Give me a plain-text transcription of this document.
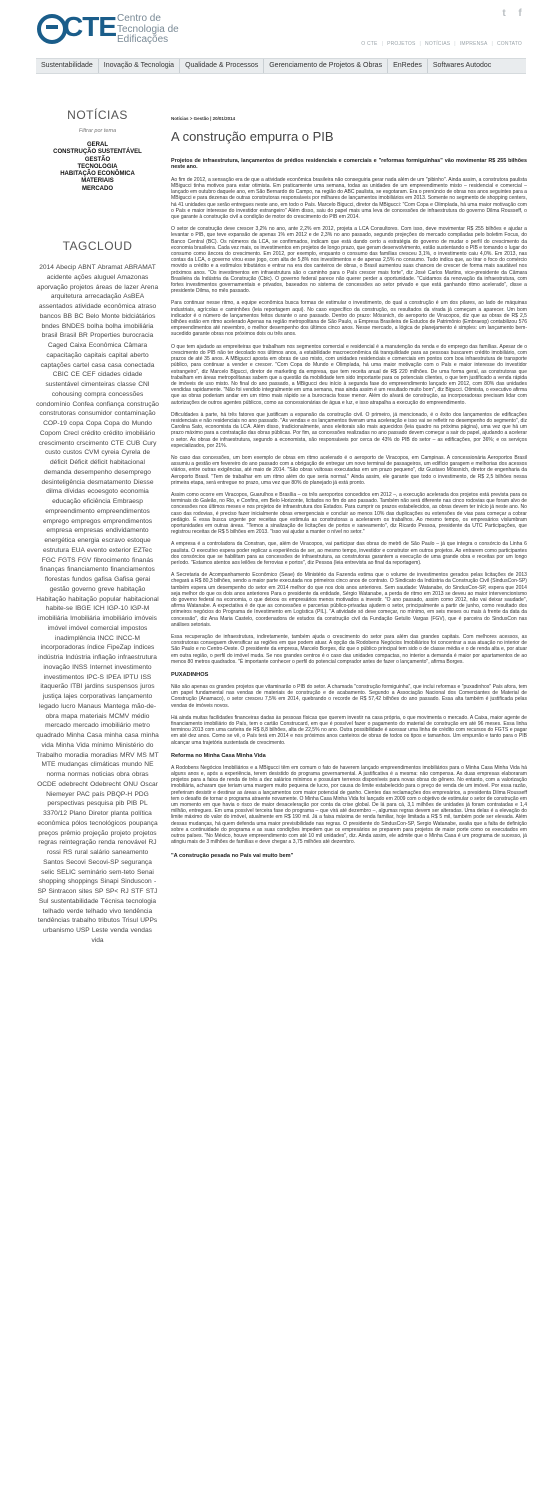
CTE Centro de Tecnologia de Edificações
t	f
O CTE | PROJETOS | NOTÍCIAS | IMPRENSA | CONTATO
Sustentabilidade	Inovação & Tecnologia	Qualidade & Processos	Gerenciamento de Projetos & Obras	EnRedes	Softwares Autodoc
NOTÍCIAS
Filtrar por tema
GERAL
CONSTRUÇÃO SUSTENTÁVEL
GESTÃO
TECNOLOGIA
HABITAÇÃO ECONÔMICA
MATERIAIS
MERCADO
TAGCLOUD
2014 Abecip ABNT Abramat ABRAMAT acidente ações aluguel Amazonas aporvação projetos áreas de lazer Arena arquitetura arrecadação AsBEA assentados atividade econômica atraso bancos BB BC Belo Monte bidciátários bndes BNDES bolha bolha imobiliária brasil Brasil BR Properties burocracia Caged Caixa Econômica Câmara capacitação capitais capital aberto captações cartel casa casa conectada CBIC CE CEF cidades cidade sustentável cimenteiras classe CNI cohousing compra concessões condomínio Confea confiança construção construtoras consumidor contaminação COP-19 copa Copa Copa do Mundo Copom Crecl crédito crédito imobiliário crescimento crscimento CTE CUB Cury custo custos CVM cyreia Cyrela de déficit Déficit déficit habitacional demanda desempenho desemprego desinteligência desmatamento Diesse dilma dívidas ecoesgoto economia educação eficiência Embraesp empreendimento empreendimentos emprego empregos emprendimentos empresa empresas endividamento energética energia escravo estoque estrutura EUA evento exterior EZTec FGC FGTS FGV fibrocimento finanás finanças financiamento financiamentos florestas fundos gafisa Gafisa gerai gestão governo greve habitação Habitação habitação popular habitacional habite-se IBGE ICH IGP-10 IGP-M imobiliária Imobiliária imobiliário imóveis imóvel imóvel comercial impostos inadimplência INCC INCC-M incorporadoras índice FipeZap índices indústria Indústria inflação infraestrutura inovação INSS Internet investimento investimentos IPC-S IPEA IPTU ISS itaquerão ITBI jardins suspensos juros justiça lajes corporativas lançamento legado lucro Manaus Mantega mão-de-obra mapa materiais MCMV médio mercado mercado imobiliário metro quadrado Minha Casa minha casa minha vida Minha Vida mínimo Ministério do Trabalho moradia moradias MRV MS MT MTE mudanças climáticas mundo NE norma normas noticias obra obras OCDE odebrecht Odebrecht ONU Oscar Niemeyer PAC país PBQP-H PDG perspectivas pesquisa pib PIB PL 3370/12 Plano Diretor planta política econômica pólos tecnológicos poupança preços prêmio projeção projeto projetos regras reintegração renda renovável RJ rossi RS rural salário saneamento Santos Secovi Secovi-SP segurança selic SELIC seminário sem-teto Senai shopping shoppings Sinapi Sinduscon -SP Sintracon sites SP SP< RJ STF STJ Sul sustentabilidade Técnisa tecnologia telhado verde telhado vivo tendência tendências trabalho tributos Trisul UPPs urbanismo USP Leste venda vendas vida
Notícias > Gestão | 20/01/2014
A construção empurra o PIB
Projetos de infraestrutura, lançamentos de prédios residenciais e comerciais e "reformas formiguinhas" vão movimentar R$ 255 bilhões neste ano.

Ao fim de 2012, a sensação era de que a atividade econômica brasileira não conseguiria gerar nada além de um "pibinho". Ainda assim, a construtora paulista MBigucci tinha motivos para estar otimista. Em praticamente uma semana, todas as unidades de um empreendimento misto – residencial e comercial – lançado em outubro daquele ano, em São Bernardo do Campo, na região do ABC paulista, se esgotaram. Era o prenúncio de obras nos anos seguintes para a MBigucci e para dezenas de outras construtoras responsáveis por milhares de lançamentos imobiliários em 2013. Somente no segmento de shopping centers, há 41 unidades que serão entregues neste ano, em todo o País. Marcelo Bigucci, diretor da MBigucci: "Com Copa e Olimpíada, há uma maior motivação com o País e maior interesse do investidor estrangeiro" Além disso, saiu do papel mais uma leva de concessões de infraestrutura do governo Dilma Rousseff, o que garante à construção civil a condição de motor do crescimento do PIB em 2014.

O setor de construção deve crescer 3,2% no ano, ante 2,2% em 2012, projeta a LCA Consultores. Com isso, deve movimentar R$ 255 bilhões e ajudar a levantar o PIB, que teve expansão de apenas 1% em 2012 e de 2,3% no ano passado, segundo projeções do mercado compiladas pelo boletim Focus, do Banco Central (BC). Os números da LCA, se confirmados, indicam que está dando certo a estratégia do governo de mudar o perfil do crescimento da economia brasileira. Cada vez mais, os investimentos em projetos de longo prazo, que geram desenvolvimento, estão sustentando o PIB e tomando o lugar do consumo como âncora do crescimento. Em 2012, por exemplo, enquanto o consumo das famílias cresceu 3,1%, o investimento caiu 4,0%. Em 2013, nas contas da LCA, o governo virou esse jogo, com alta de 5,8% nos investimentos e de apenas 2,5% no consumo. Tudo indica que, ao tirar o foco do comércio movido a crédito e a estímulos tributários e entrar na era dos canteiros de obras, o Brasil aumentou suas chances de crescer de forma mais saudável nos próximos anos. "Os investimentos em infraestrutura são o caminho para o País crescer mais forte", diz José Carlos Martins, vice-presidente da Câmara Brasileira da Indústria da Construção (Cbic). O governo federal parece não querer perder a oportunidade. "Cuidamos da renovação da infraestrutura, com fortes investimentos governamentais e privados, baseados no sistema de concessões ao setor privado e que está ganhando ritmo acelerado", disse a presidente Dilma, no mês passado.

Para continuar nesse ritmo, a equipe econômica busca formas de estimular o investimento, do qual a construção é um dos pilares, ao lado de máquinas industriais, agrícolas e caminhões (leia reportagem aqui). No caso específico da construção, os resultados da virada já começam a aparecer. Um bom indicador é o número de lançamentos feitos durante o ano passado. Dentro do prazo: Mössnich, do aeroporto de Viracopos, diz que as obras de R$ 2,5 bilhões estão em ritmo acelerado Apenas na região metropolitana de São Paulo, a Empresa Brasileira de Estudos de Patrimônio (Embraesp) contabilizou 576 empreendimentos até novembro, o melhor desempenho dos últimos cinco anos. Nesse mercado, a lógica de planejamento é simples: um lançamento bem-sucedido garante obras nos próximos dois ou três anos.

O que tem ajudado as empreiteiras que trabalham nos segmentos comercial e residencial é a manutenção da renda e do emprego das famílias. Apesar de o crescimento do PIB não ter decolado nos últimos anos, a estabilidade macroeconômica dá tranquilidade para as pessoas buscarem crédito imobiliário, com prazos de até 35 anos. A MBigucci aposta em obras de uso misto, com unidades residenciais e comerciais em pontos com boa infraestrutura de transporte público, para continuar a vender e crescer. "Com Copa do Mundo e Olimpíada, há uma maior motivação com o País e maior interesse do investidor estrangeiro", diz Marcelo Bigucci, diretor de marketing da empresa, que tem receita anual de R$ 220 milhões. De uma forma geral, as construtoras que trabalham em áreas metropolitanas sabem que a questão da mobilidade tem sido importante para os potenciais clientes, o que tem justificado a venda rápida de imóveis de uso misto. No final do ano passado, a MBigucci deu início à segunda fase do empreendimento lançado em 2012, com 80% das unidades vendidas rapidamente. "Não foi vendido integralmente em uma semana, mas ainda assim é um resultado muito bom", diz Bigucci. Otimista, o executivo afirma que as obras poderiam andar em um ritmo mais rápido se a burocracia fosse menor. Além do alvará de construção, as incorporadoras precisam lidar com autorizações de outros agentes públicos, como as concessionárias de água e luz, e isso atrapalha a execução do empreendimento.

Dificuldades à parte, há três fatores que justificam a expansão da construção civil. O primeiro, já mencionado, é o êxito dos lançamentos de edificações residenciais e não residenciais no ano passado. "As vendas e os lançamentos tiveram uma aceleração e isso vai se refletir no desempenho do segmento", diz Carolina Sato, economista da LCA. Além disso, tradicionalmente, anos eleitorais são mais aquecidos (leia quadro na próxima página), uma vez que há um prazo máximo para a contratação das obras públicas. Por fim, as concessões realizadas no ano passado devem começar a sair do papel, ajudando a acelerar o setor. As obras de infraestrutura, segundo a economista, são responsáveis por cerca de 43% do PIB do setor – as edificações, por 36%; e os serviços especializados, por 21%.

No caso das concessões, um bom exemplo de obras em ritmo acelerado é o aeroporto de Viracopos, em Campinas. A concessionária Aeroportos Brasil assumiu a gestão em fevereiro do ano passado com a obrigação de entregar um novo terminal de passageiros, um edifício garagem e melhorias dos acessos viários, entre outras exigências, até maio de 2014. "São obras vultosas executadas em um prazo pequeno", diz Gustavo Mössnich, diretor de engenharia da Aeroporto Brasil. "Tem de trabalhar em um ritmo além do que seria normal." Ainda assim, ele garante que todo o investimento, de R$ 2,5 bilhões nessa primeira etapa, será entregue no prazo, uma vez que 80% do planejado já está pronto.

Assim como ocorre em Viracopos, Guarulhos e Brasília – os três aeroportos concedidos em 2012 –, a execução acelerada dos projetos está prevista para os terminais do Galeão, no Rio, e Confins, em Belo Horizonte, licitados no fim do ano passado. Também não será diferente nas cinco rodovias que foram alvo de concessões nos últimos meses e nos projetos de infraestrutura dos Estados. Para cumprir os prazos estabelecidos, as obras devem ter início já neste ano. No caso das rodovias, é preciso fazer inicialmente obras emergenciais e concluir ao menos 10% das duplicações ou extensões de vias para começar a cobrar pedágio. É essa busca urgente por receitas que estimula as construtoras a acelerarem os trabalhos. Ao mesmo tempo, os empresários vislumbram oportunidades em outras áreas. "Temos a sinalização de licitações de portos e saneamento", diz Ricardo Pessoa, presidente da UTC Participações, que registrou receitas de R$ 5 bilhões em 2013. "Isso vai ajudar a manter o nível no setor."

A empresa é a controladora da Constran, que, além de Viracopos, vai participar das obras do metrô de São Paulo – já que integra o consórcio da Linha 6 paulista. O executivo espera poder replicar a experiência de ser, ao mesmo tempo, investidor e construtor em outros projetos. Ao entrarem como participantes dos consórcios que se habilitam para as concessões de infraestrutura, as construtoras garantem a execução de uma grande obra e receitas por um longo período. "Estamos atentos aos leilões de ferrovias e portos", diz Pessoa (leia entrevista ao final da reportagem).

A Secretaria de Acompanhamento Econômico (Seae) do Ministério da Fazenda estima que o volume de investimentos gerados pelas licitações de 2013 chegará a R$ 80,3 bilhões, sendo a maior parte executada nos primeiros cinco anos de contrato. O Sindicato da Indústria da Construção Civil (SindusCon-SP) também espera um desempenho do setor em 2014 melhor do que nos dois anos anteriores. Sem saudade: Watanabe, do SindusCon-SP, espera que 2014 seja melhor do que os dois anos anteriores Para o presidente da entidade, Sérgio Watanabe, a perda de ritmo em 2013 se deveu ao maior intervencionismo do governo federal na economia, o que deixou os empresários menos motivados a investir. "O ano passado, assim como 2012, não vai deixar saudade", afirma Watanabe. A expectativa é de que as concessões e parcerias público-privadas ajudem o setor, principalmente a partir de junho, como resultado dos primeiros negócios do Programa de Investimento em Logística (PIL). "A atividade só deve começar, no mínimo, em seis meses ou mais à frente da data da concessão", diz Ana Maria Castelo, coordenadora de estudos da construção civil da Fundação Getulio Vargas (FGV), que é parceira do SindusCon nas análises setoriais.

Essa recuperação de infraestrutura, indiretamente, também ajuda o crescimento do setor para além das grandes capitais. Com melhores acessos, as construtoras conseguem diversificar as regiões em que podem atuar. A opção da Rodobens Negócios Imobiliários foi concentrar a sua atuação no interior de São Paulo e no Centro-Oeste. O presidente da empresa, Marcelo Borges, diz que o público principal tem sido o de classe média e o de renda alta e, por atuar em outra região, o perfil do imóvel muda. Se nos grandes centros é o caso das unidades compactas, no interior a demanda é maior por apartamentos de ao menos 80 metros quadrados. "É importante conhecer o perfil do potencial comprador antes de fazer o lançamento", afirma Borges.

PUXADINHOS

Não são apenas os grandes projetos que vitaminarão o PIB do setor. A chamada "construção formiguinha", que inclui reformas e "puxadinhos" País afora, tem um papel fundamental nas vendas de materiais de construção e de acabamento. Segundo a Associação Nacional dos Comerciantes de Material de Construção (Anamaco), o setor cresceu 7,5% em 2014, quebrando o recorde de R$ 57,42 bilhões do ano passado. Essa alta também é justificada pelas vendas de imóveis novos.

Há ainda muitas facilidades financeiras dadas às pessoas físicas que querem investir na casa própria, o que movimenta o mercado. A Caixa, maior agente de financiamento imobiliário do País, tem o cartão Construcard, em que é possível fazer o pagamento do material de construção em até 96 meses. Essa linha terminou 2013 com uma carteira de R$ 8,8 bilhões, alta de 22,5% no ano. Outra possibilidade é acessar uma linha de crédito com recursos do FGTS e pagar em até dez anos. Como se vê, o País terá em 2014 e nos próximos anos canteiros de obras de todos os tipos e tamanhos. Um empurrão e tanto para o PIB alcançar uma trajetória sustentada de crescimento.

Reforma no Minha Casa Minha Vida

A Rodobens Negócios Imobiliários e a MBigucci têm em comum o fato de haverem lançado empreendimentos imobiliários para o Minha Casa Minha Vida há alguns anos e, após a experiência, terem desistido do programa governamental. A justificativa é a mesma: não compensa. As duas empresas elaboraram projetos para a faixa de renda de três a dez salários mínimos e possuíam terrenos disponíveis para novas obras do gênero. No entanto, com a valorização imobiliária, acharam que teriam uma margem muito pequena de lucro, por causa do limite estabelecido para o preço de venda de um imóvel. Por essa razão, preferiram desistir e destinar as áreas a lançamentos com maior potencial de ganho. Cientes das reclamações dos empresários, a presidenta Dilma Rousseff tem o desafio de tornar o programa atraente novamente. O Minha Casa Minha Vida foi lançado em 2009 com o objetivo de estimular o setor de construção em um momento em que havia o risco de maior desaceleração por conta da crise global. De lá para cá, 3,1 milhões de unidades já foram contratadas e 1,4 milhão, entregues. Em uma possível terceira fase do programa – que virá até dezembro –, algumas regras devem ser alteradas. Uma delas é a elevação do limite máximo do valor do imóvel, atualmente em R$ 190 mil. Já a faixa máxima de renda familiar, hoje limitada a R$ 5 mil, também pode ser elevada. Além dessas mudanças, há quem defenda uma maior previsibilidade nas regras. O presidente do SindusCon-SP, Sergio Watanabe, avalia que a falta de definição sobre a continuidade do programa e as suas condições impedem que os empresários se preparem para projetos de maior porte como os executados em outros países. "No México, houve empreendimento com até 10 mil unidades", diz. Ainda assim, ele admite que o Minha Casa é um programa de sucesso, já atingiu mais de 3 milhões de famílias e deve chegar a 3,75 milhões até dezembro.

"A construção pesada no País vai muito bem"
